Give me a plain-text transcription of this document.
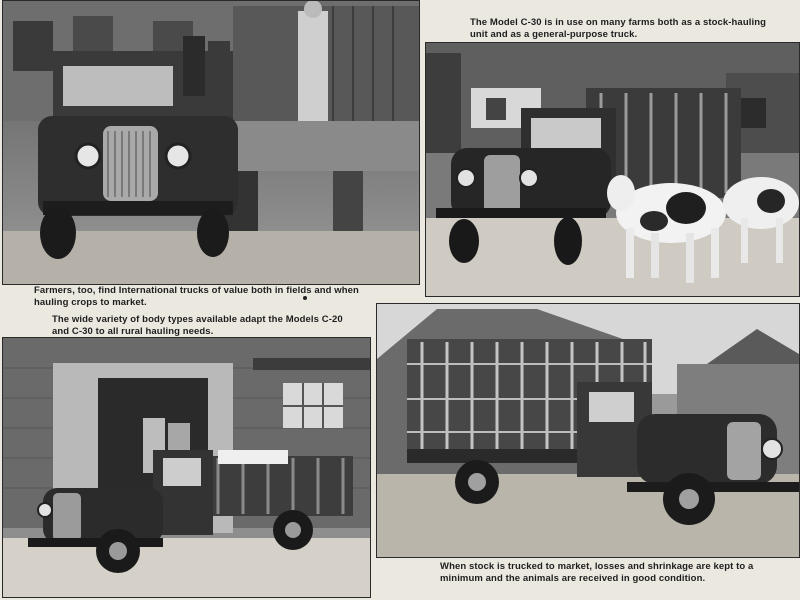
Farmers, too, find International trucks of value both in fields and when hauling crops to market.
The Model C-30 is in use on many farms both as a stock-hauling unit and as a general-purpose truck.
The wide variety of body types available adapt the Models C-20 and C-30 to all rural hauling needs.
When stock is trucked to market, losses and shrinkage are kept to a minimum and the animals are received in good condition.
